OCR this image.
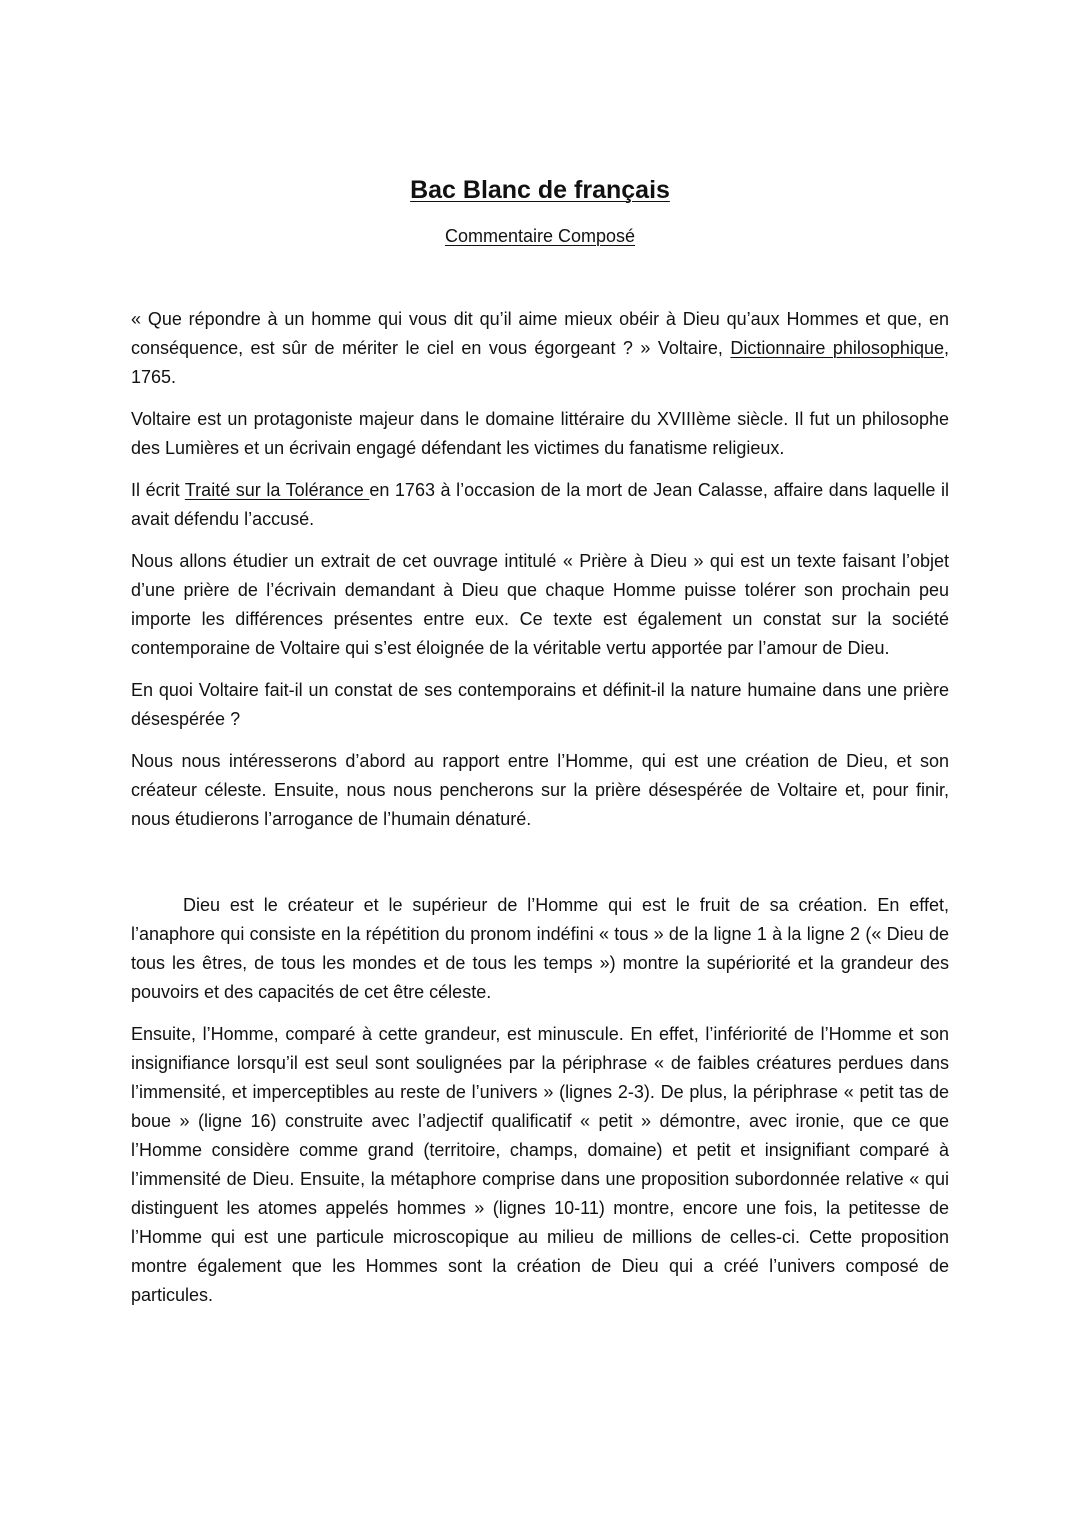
Bac Blanc de français

Commentaire Composé

« Que répondre à un homme qui vous dit qu’il aime mieux obéir à Dieu qu’aux Hommes et que, en conséquence, est sûr de mériter le ciel en vous égorgeant ? » Voltaire, Dictionnaire philosophique, 1765.

Voltaire est un protagoniste majeur dans le domaine littéraire du XVIIIème siècle. Il fut un philosophe des Lumières et un écrivain engagé défendant les victimes du fanatisme religieux.

Il écrit Traité sur la Tolérance en 1763 à l’occasion de la mort de Jean Calasse, affaire dans laquelle il avait défendu l’accusé.

Nous allons étudier un extrait de cet ouvrage intitulé « Prière à Dieu » qui est un texte faisant l’objet d’une prière de l’écrivain demandant à Dieu que chaque Homme puisse tolérer son prochain peu importe les différences présentes entre eux. Ce texte est également un constat sur la société contemporaine de Voltaire qui s’est éloignée de la véritable vertu apportée par l’amour de Dieu.

En quoi Voltaire fait-il un constat de ses contemporains et définit-il la nature humaine dans une prière désespérée ?

Nous nous intéresserons d’abord au rapport entre l’Homme, qui est une création de Dieu, et son créateur céleste. Ensuite, nous nous pencherons sur la prière désespérée de Voltaire et, pour finir, nous étudierons l’arrogance de l’humain dénaturé.

Dieu est le créateur et le supérieur de l’Homme qui est le fruit de sa création. En effet, l’anaphore qui consiste en la répétition du pronom indéfini « tous » de la ligne 1 à la ligne 2 (« Dieu de tous les êtres, de tous les mondes et de tous les temps ») montre la supériorité et la grandeur des pouvoirs et des capacités de cet être céleste.

Ensuite, l’Homme, comparé à cette grandeur, est minuscule. En effet, l’infériorité de l’Homme et son insignifiance lorsqu’il est seul sont soulignées par la périphrase « de faibles créatures perdues dans l’immensité, et imperceptibles au reste de l’univers » (lignes 2-3). De plus, la périphrase « petit tas de boue » (ligne 16) construite avec l’adjectif qualificatif « petit » démontre, avec ironie, que ce que l’Homme considère comme grand (territoire, champs, domaine) et petit et insignifiant comparé à l’immensité de Dieu. Ensuite, la métaphore comprise dans une proposition subordonnée relative « qui distinguent les atomes appelés hommes » (lignes 10-11) montre, encore une fois, la petitesse de l’Homme qui est une particule microscopique au milieu de millions de celles-ci. Cette proposition montre également que les Hommes sont la création de Dieu qui a créé l’univers composé de particules.
